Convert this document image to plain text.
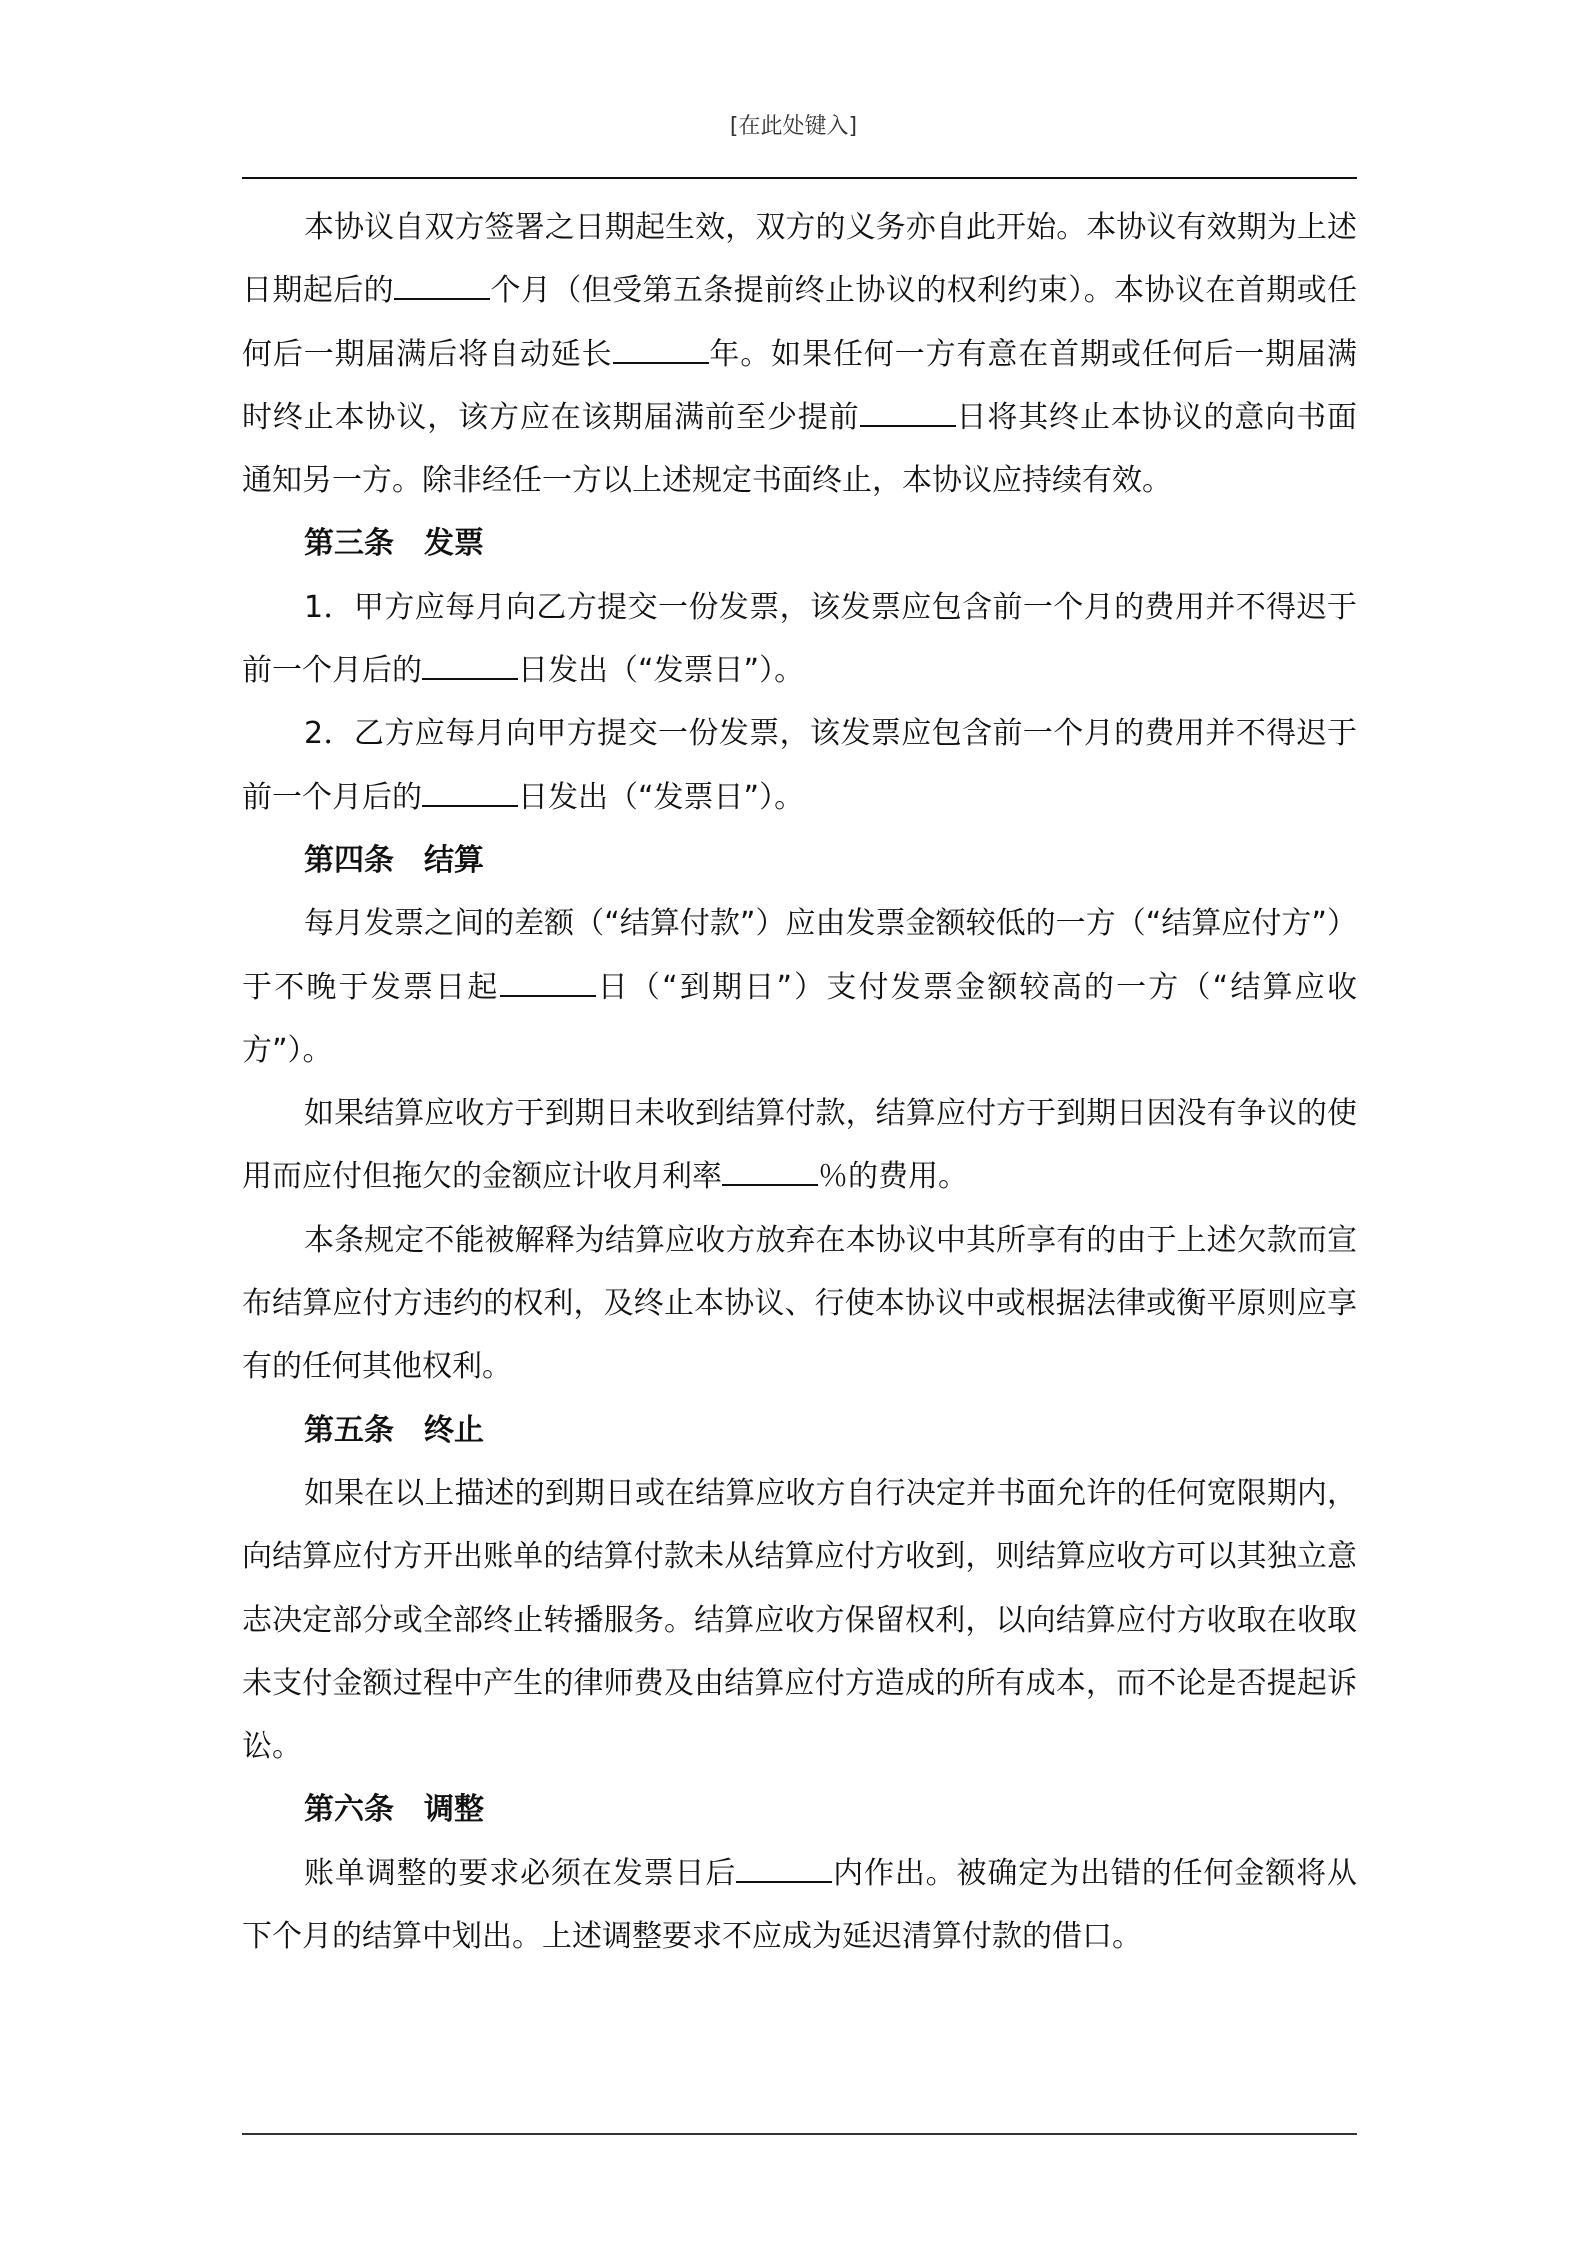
[在此处键入]

本协议自双方签署之日期起生效，双方的义务亦自此开始。本协议有效期为上述日期起后的	个月（但受第五条提前终止协议的权利约束）。本协议在首期或任何后一期届满后将自动延长	年。如果任何一方有意在首期或任何后一期届满时终止本协议，该方应在该期届满前至少提前	日将其终止本协议的意向书面通知另一方。除非经任一方以上述规定书面终止，本协议应持续有效。

第三条　发票

1．甲方应每月向乙方提交一份发票，该发票应包含前一个月的费用并不得迟于前一个月后的	日发出（“发票日”）。

2．乙方应每月向甲方提交一份发票，该发票应包含前一个月的费用并不得迟于前一个月后的	日发出（“发票日”）。

第四条　结算

每月发票之间的差额（“结算付款”）应由发票金额较低的一方（“结算应付方”）于不晚于发票日起	日（“到期日”）支付发票金额较高的一方（“结算应收方”）。

如果结算应收方于到期日未收到结算付款，结算应付方于到期日因没有争议的使用而应付但拖欠的金额应计收月利率	％的费用。

本条规定不能被解释为结算应收方放弃在本协议中其所享有的由于上述欠款而宣布结算应付方违约的权利，及终止本协议、行使本协议中或根据法律或衡平原则应享有的任何其他权利。

第五条　终止

如果在以上描述的到期日或在结算应收方自行决定并书面允许的任何宽限期内，向结算应付方开出账单的结算付款未从结算应付方收到，则结算应收方可以其独立意志决定部分或全部终止转播服务。结算应收方保留权利，以向结算应付方收取在收取未支付金额过程中产生的律师费及由结算应付方造成的所有成本，而不论是否提起诉讼。

第六条　调整

账单调整的要求必须在发票日后	内作出。被确定为出错的任何金额将从下个月的结算中划出。上述调整要求不应成为延迟清算付款的借口。
